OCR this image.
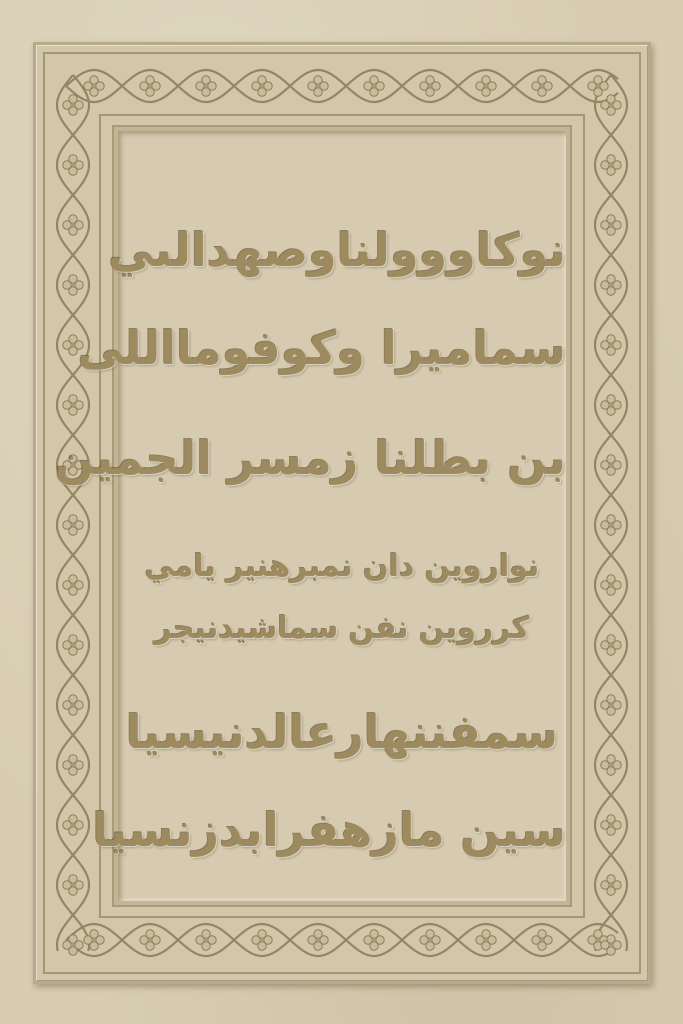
نوكاووولناوصهدالىي
سماميرا وكوفومااللى
بن بطلنا زمسر الجمين
نواروين دان نمبرهنير يامي
كرروين نفن سماشيدنيجر
سمفننهارعالدنيسيا
سين مازهفرابدزنسيا
